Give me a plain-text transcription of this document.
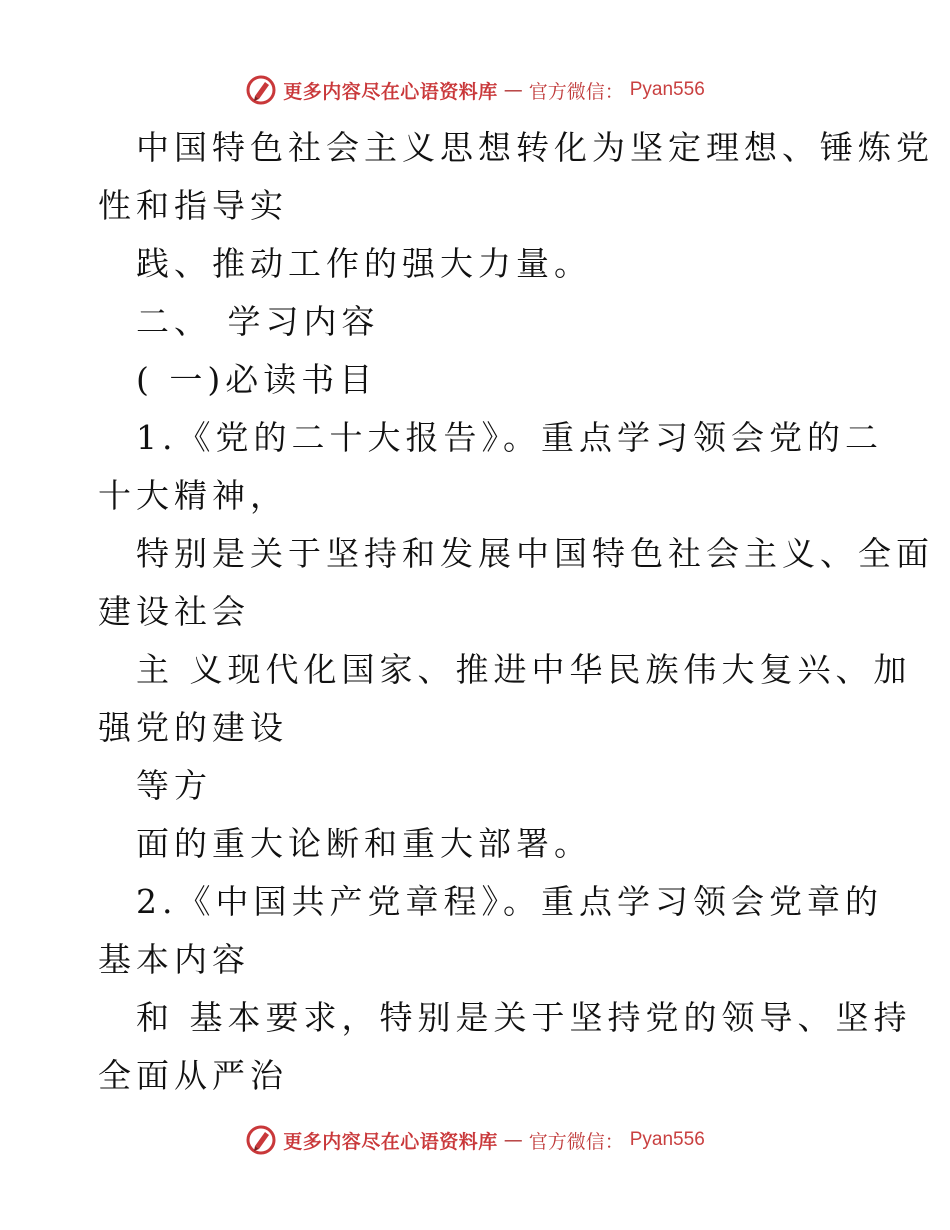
更多内容尽在心语资料库 — 官方微信： Pyan556
中国特色社会主义思想转化为坚定理想、锤炼党
性和指导实
践、推动工作的强大力量。
二、 学习内容
( 一)必读书目
1.《党的二十大报告》。重点学习领会党的二
十大精神，
特别是关于坚持和发展中国特色社会主义、全面
建设社会
主 义现代化国家、推进中华民族伟大复兴、加
强党的建设
等方
面的重大论断和重大部署。
2.《中国共产党章程》。重点学习领会党章的
基本内容
和 基本要求，特别是关于坚持党的领导、坚持
全面从严治
更多内容尽在心语资料库 — 官方微信： Pyan556
